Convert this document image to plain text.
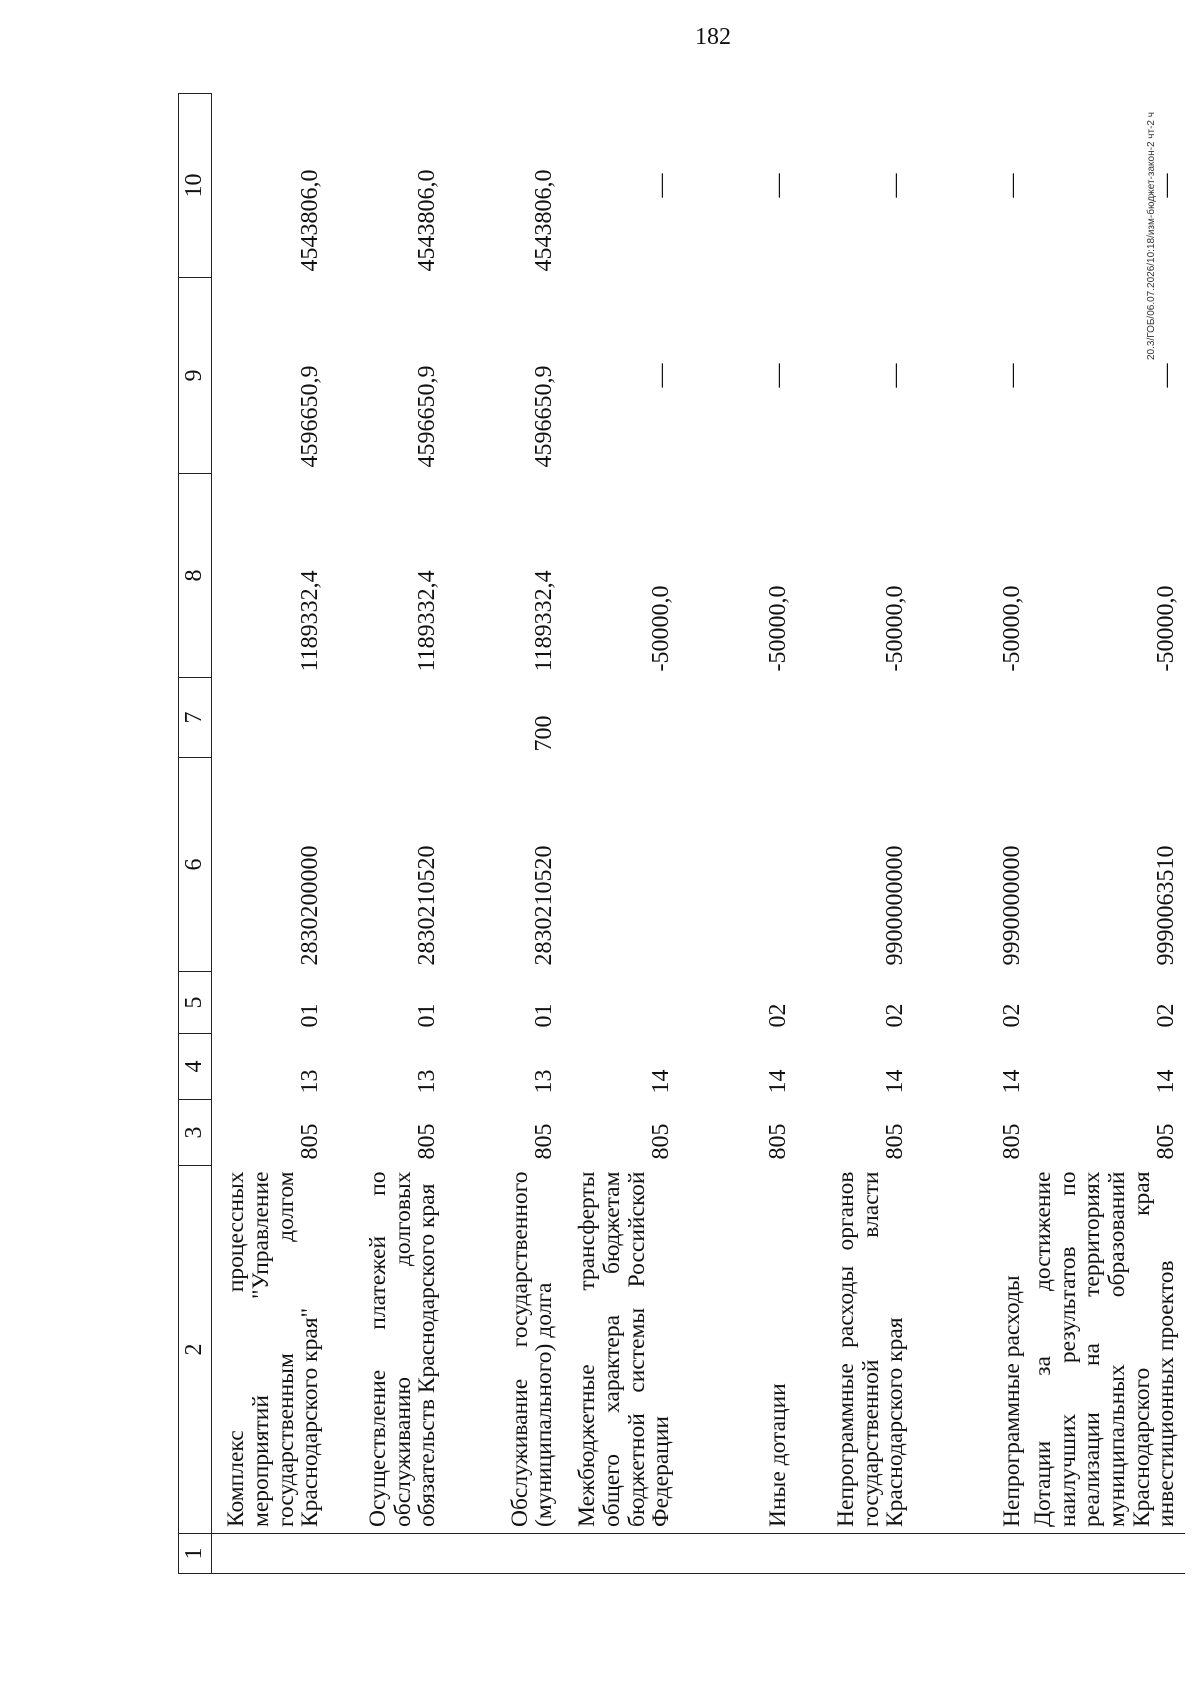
182
20.3/ГОБ/06.07.2026/10:18/изм-бюджет-закон-2 чт-2 ч
1	2	3	4	5	6	7	8	9	10
	Комплекс процессных мероприятий "Управление государственным долгом Краснодарского края"	805	13	01	2830200000		1189332,4	4596650,9	4543806,0
	Осуществление платежей по обслуживанию долговых обязательств Краснодарского края	805	13	01	2830210520		1189332,4	4596650,9	4543806,0
	Обслуживание государственного (муниципального) долга	805	13	01	2830210520	700	1189332,4	4596650,9	4543806,0
	Межбюджетные трансферты общего характера бюджетам бюджетной системы Российской Федерации	805	14				-50000,0	—	—
	Иные дотации	805	14	02			-50000,0	—	—
	Непрограммные расходы органов государственной власти Краснодарского края	805	14	02	9900000000		-50000,0	—	—
	Непрограммные расходы	805	14	02	9990000000		-50000,0	—	—
	Дотации за достижение наилучших результатов по реализации на территориях муниципальных образований Краснодарского края инвестиционных проектов	805	14	02	9990063510		-50000,0	—	—
